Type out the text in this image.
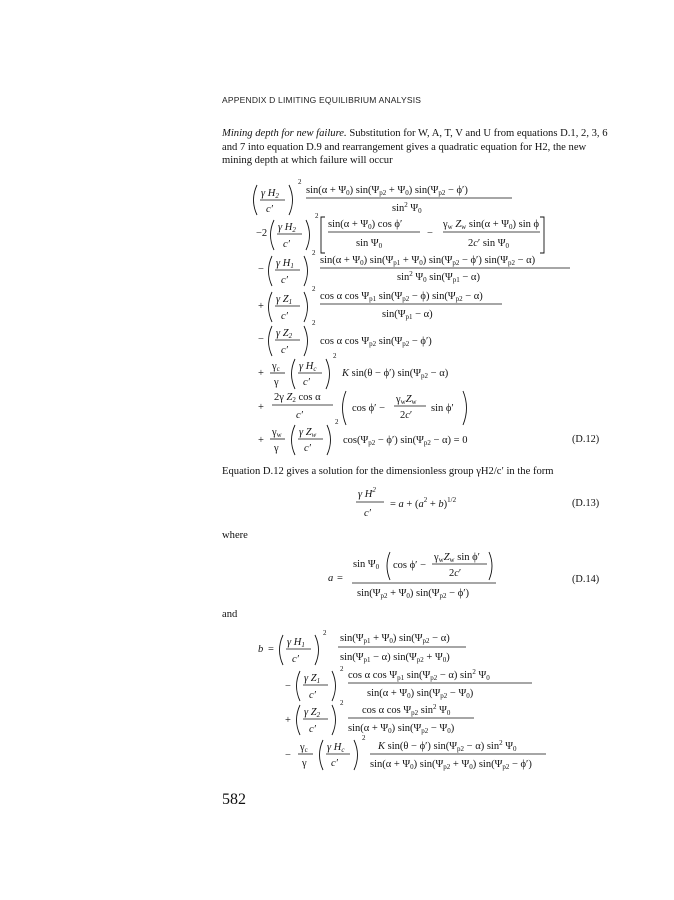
APPENDIX D LIMITING EQUILIBRIUM ANALYSIS
Mining depth for new failure. Substitution for W, A, T, V and U from equations D.1, 2, 3, 6 and 7 into equation D.9 and rearrangement gives a quadratic equation for H2, the new mining depth at which failure will occur
γ H2
c′
2
sin(α + Ψ0) sin(Ψp2 + Ψ0) sin(Ψp2 − ϕ′)
$\sin^2 \Psi 0$
−2
γ H2
c′
2
sin(α + Ψ0) cos ϕ′
sin Ψ0
−
γw Zw sin(α + Ψ0) sin ϕ
2c′ sin Ψ0
−
γ H1
c′
2
sin(α + Ψ0) sin(Ψp1 + Ψ0) sin(Ψp2 − ϕ′) sin(Ψp2 − α)
$\sin^2 \Psi 0$ sin(Ψp1 − α)
+
γ Z1
c′
2
cos α cos Ψp1 sin(Ψp2 − ϕ) sin(Ψp2 − α)
sin(Ψp1 − α)
−
γ Z2
c′
2
cos α cos Ψp2 sin(Ψp2 − ϕ′)
+
γc
γ
γ Hc
c′
2
K sin(θ − ϕ′) sin(Ψp2 − α)
+
2γ Z2 cos α
c′
cos ϕ′ −
γwZw
2c′
sin ϕ′
+
γw
γ
γ Zw
c′
2
cos(Ψp2 − ϕ′) sin(Ψp2 − α) = 0	(D.12)
Equation D.12 gives a solution for the dimensionless group γH2/c′ in the form
γ $H^2$
c′
= $a + (a^2 + b)^{1/2}$	(D.13)
where
a =
sin Ψ0 cos ϕ′ −
γwZw sin ϕ′
2c′
sin(Ψp2 + Ψ0) sin(Ψp2 − ϕ′)
(D.14)
and
b =
γ H1
c′
2 sin(Ψp1 + Ψ0) sin(Ψp2 − α)
sin(Ψp1 − α) sin(Ψp2 + Ψ0)
−
γ Z1
c′
2
cos α cos Ψp1 sin(Ψp2 − α) $\sin^2 \Psi 0$
sin(α + Ψ0) sin(Ψp2 − Ψ0)
+
γ Z2
c′
2
cos α cos Ψp2 $\sin^2 \Psi 0$
sin(α + Ψ0) sin(Ψp2 − Ψ0)
−
γc
γ
γ Hc
c′
2
K sin(θ − ϕ′) sin(Ψp2 − α) $\sin^2 \Psi 0$
sin(α + Ψ0) sin(Ψp2 + Ψ0) sin(Ψp2 − ϕ′)
582
